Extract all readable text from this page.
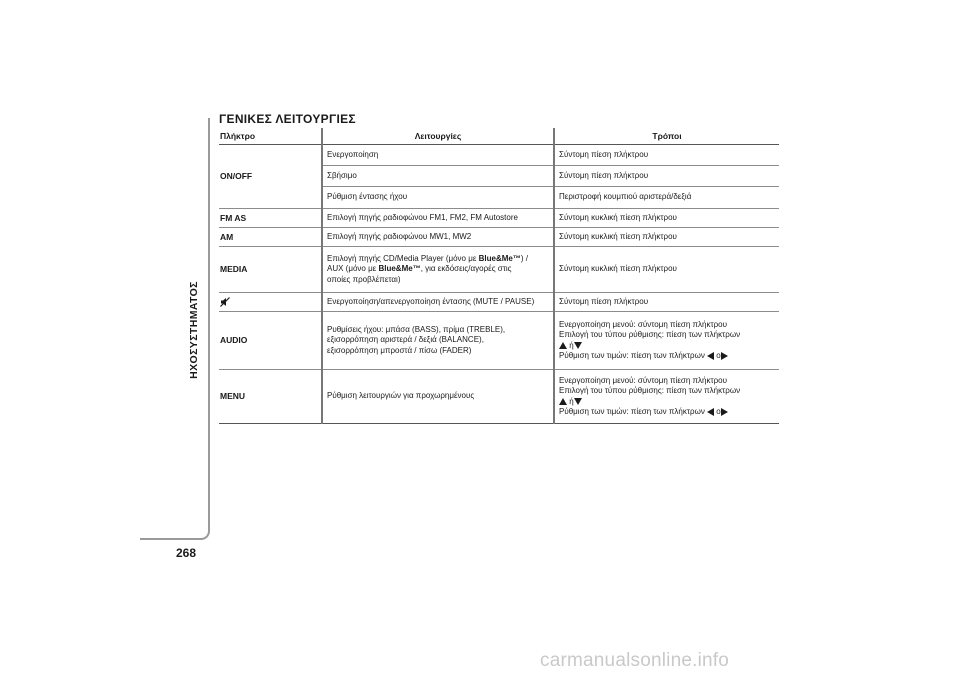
ΗΧΟΣΥΣΤΗΜΑΤΟΣ
268
ΓΕΝΙΚΕΣ ΛΕΙΤΟΥΡΓΙΕΣ
Πλήκτρο	Λειτουργίες	Τρόποι
ON/OFF	Ενεργοποίηση	Σύντομη πίεση πλήκτρου
	Σβήσιμο	Σύντομη πίεση πλήκτρου
	Ρύθμιση έντασης ήχου	Περιστροφή κουμπιού αριστερά/δεξιά
FM AS	Επιλογή πηγής ραδιοφώνου FM1, FM2, FM Autostore	Σύντομη κυκλική πίεση πλήκτρου
AM	Επιλογή πηγής ραδιοφώνου MW1, MW2	Σύντομη κυκλική πίεση πλήκτρου
MEDIA	Επιλογή πηγής CD/Media Player (μόνο με Blue&Me™) /
AUX (μόνο με Blue&Me™, για εκδόσεις/αγορές στις
οποίες προβλέπεται)	Σύντομη κυκλική πίεση πλήκτρου
	Ενεργοποίηση/απενεργοποίηση έντασης (MUTE / PAUSE)	Σύντομη πίεση πλήκτρου
AUDIO	Ρυθμίσεις ήχου: μπάσα (BASS), πρίμα (TREBLE),
εξισορρόπηση αριστερά / δεξιά (BALANCE),
εξισορρόπηση μπροστά / πίσω (FADER)	Ενεργοποίηση μενού: σύντομη πίεση πλήκτρου
Επιλογή του τύπου ρύθμισης: πίεση των πλήκτρων
ή
Ρύθμιση των τιμών: πίεση των πλήκτρων ο
MENU	Ρύθμιση λειτουργιών για προχωρημένους	Ενεργοποίηση μενού: σύντομη πίεση πλήκτρου
Επιλογή του τύπου ρύθμισης: πίεση των πλήκτρων
ή
Ρύθμιση των τιμών: πίεση των πλήκτρων ο
carmanualsonline.info
